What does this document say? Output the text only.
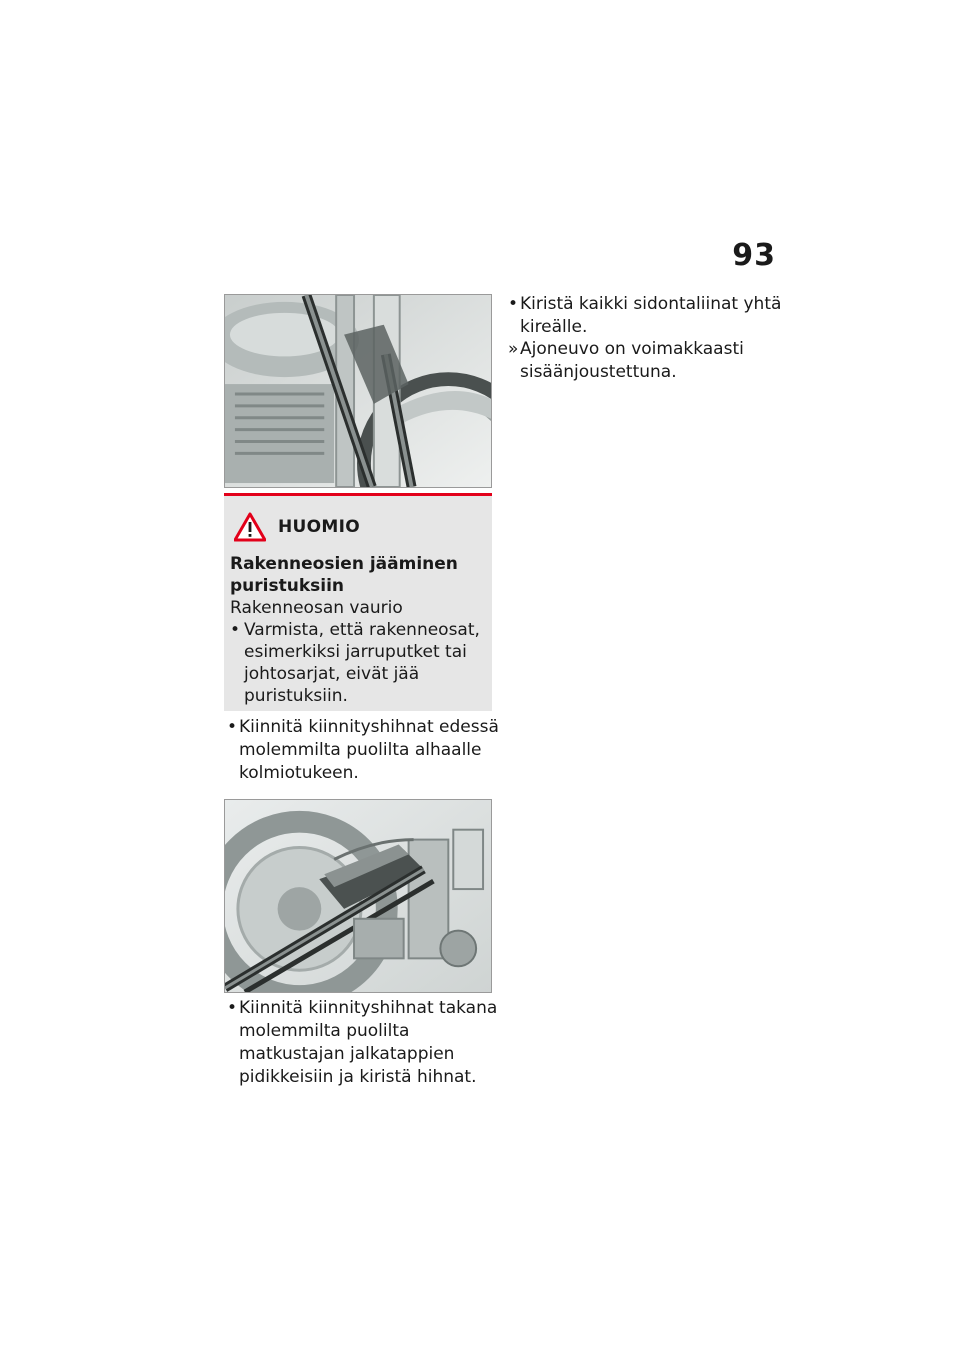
93
HUOMIO
Rakenneosien jääminen puristuksiin
Rakenneosan vaurio
• Varmista, että rakenneosat, esimerkiksi jarruputket tai johtosarjat, eivät jää puristuksiin.
• Kiinnitä kiinnityshihnat edessä molemmilta puolilta alhaalle kolmiotukeen.
• Kiinnitä kiinnityshihnat takana molemmilta puolilta matkustajan jalkatappien pidikkeisiin ja kiristä hihnat.
• Kiristä kaikki sidontaliinat yhtä kireälle.
» Ajoneuvo on voimakkaasti sisäänjoustettuna.
